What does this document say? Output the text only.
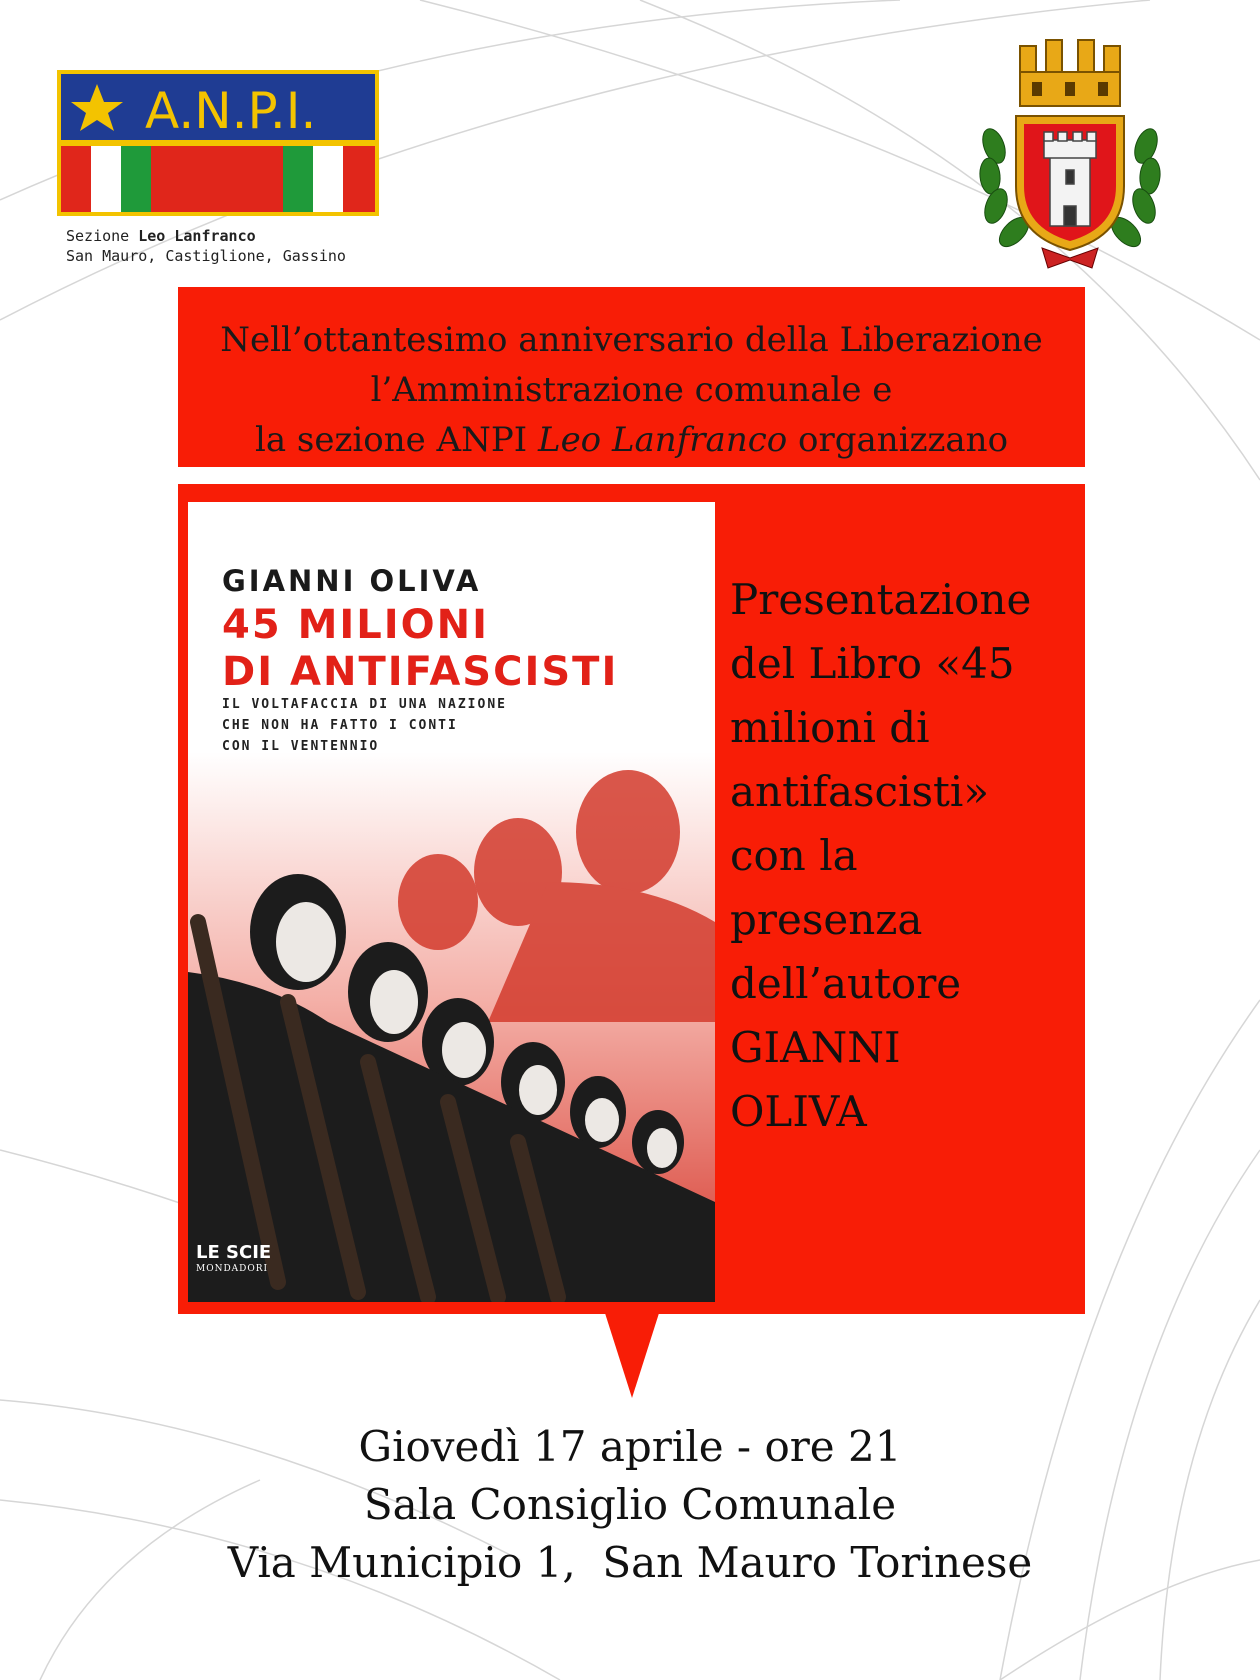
A.N.P.I.
Sezione Leo Lanfranco
San Mauro, Castiglione, Gassino
Nell’ottantesimo anniversario della Liberazione
l’Amministrazione comunale e
la sezione ANPI Leo Lanfranco organizzano
GIANNI OLIVA
45 MILIONI
DI ANTIFASCISTI
IL VOLTAFACCIA DI UNA NAZIONE
CHE NON HA FATTO I CONTI
CON IL VENTENNIO
LE SCIE
MONDADORI
Presentazione
del Libro «45
milioni di
antifascisti»
con la
presenza
dell’autore
GIANNI
OLIVA
Giovedì 17 aprile - ore 21
Sala Consiglio Comunale
Via Municipio 1,  San Mauro Torinese
